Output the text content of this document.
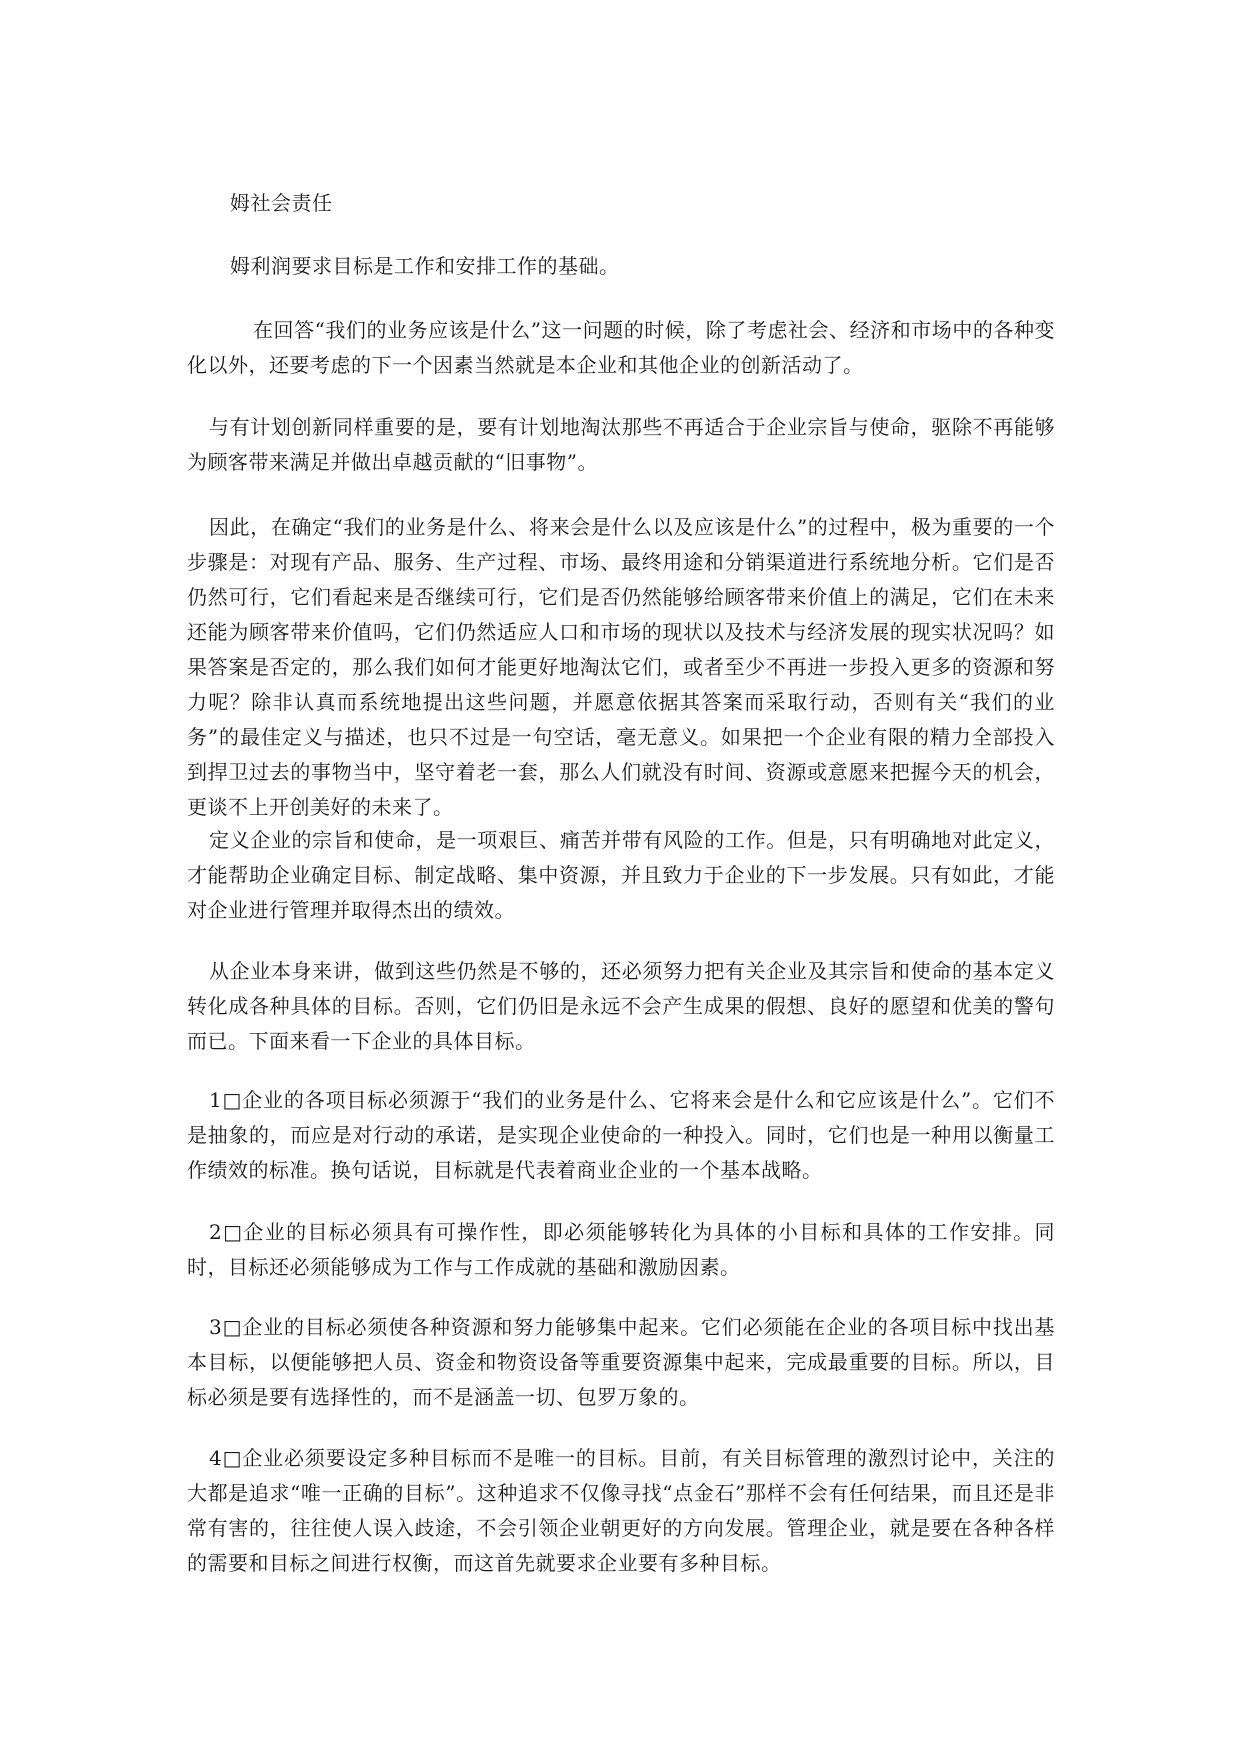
姆社会责任

姆利润要求目标是工作和安排工作的基础。

在回答“我们的业务应该是什么”这一问题的时候，除了考虑社会、经济和市场中的各种变化以外，还要考虑的下一个因素当然就是本企业和其他企业的创新活动了。

与有计划创新同样重要的是，要有计划地淘汰那些不再适合于企业宗旨与使命，驱除不再能够为顾客带来满足并做出卓越贡献的“旧事物”。

因此，在确定“我们的业务是什么、将来会是什么以及应该是什么”的过程中，极为重要的一个步骤是：对现有产品、服务、生产过程、市场、最终用途和分销渠道进行系统地分析。它们是否仍然可行，它们看起来是否继续可行，它们是否仍然能够给顾客带来价值上的满足，它们在未来还能为顾客带来价值吗，它们仍然适应人口和市场的现状以及技术与经济发展的现实状况吗？如果答案是否定的，那么我们如何才能更好地淘汰它们，或者至少不再进一步投入更多的资源和努力呢？除非认真而系统地提出这些问题，并愿意依据其答案而采取行动，否则有关“我们的业务”的最佳定义与描述，也只不过是一句空话，毫无意义。如果把一个企业有限的精力全部投入到捍卫过去的事物当中，坚守着老一套，那么人们就没有时间、资源或意愿来把握今天的机会，更谈不上开创美好的未来了。

定义企业的宗旨和使命，是一项艰巨、痛苦并带有风险的工作。但是，只有明确地对此定义，才能帮助企业确定目标、制定战略、集中资源，并且致力于企业的下一步发展。只有如此，才能对企业进行管理并取得杰出的绩效。

从企业本身来讲，做到这些仍然是不够的，还必须努力把有关企业及其宗旨和使命的基本定义转化成各种具体的目标。否则，它们仍旧是永远不会产生成果的假想、良好的愿望和优美的警句而已。下面来看一下企业的具体目标。

1□企业的各项目标必须源于“我们的业务是什么、它将来会是什么和它应该是什么”。它们不是抽象的，而应是对行动的承诺，是实现企业使命的一种投入。同时，它们也是一种用以衡量工作绩效的标准。换句话说，目标就是代表着商业企业的一个基本战略。

2□企业的目标必须具有可操作性，即必须能够转化为具体的小目标和具体的工作安排。同时，目标还必须能够成为工作与工作成就的基础和激励因素。

3□企业的目标必须使各种资源和努力能够集中起来。它们必须能在企业的各项目标中找出基本目标，以便能够把人员、资金和物资设备等重要资源集中起来，完成最重要的目标。所以，目标必须是要有选择性的，而不是涵盖一切、包罗万象的。

4□企业必须要设定多种目标而不是唯一的目标。目前，有关目标管理的激烈讨论中，关注的大都是追求“唯一正确的目标”。这种追求不仅像寻找“点金石”那样不会有任何结果，而且还是非常有害的，往往使人误入歧途，不会引领企业朝更好的方向发展。管理企业，就是要在各种各样的需要和目标之间进行权衡，而这首先就要求企业要有多种目标。
